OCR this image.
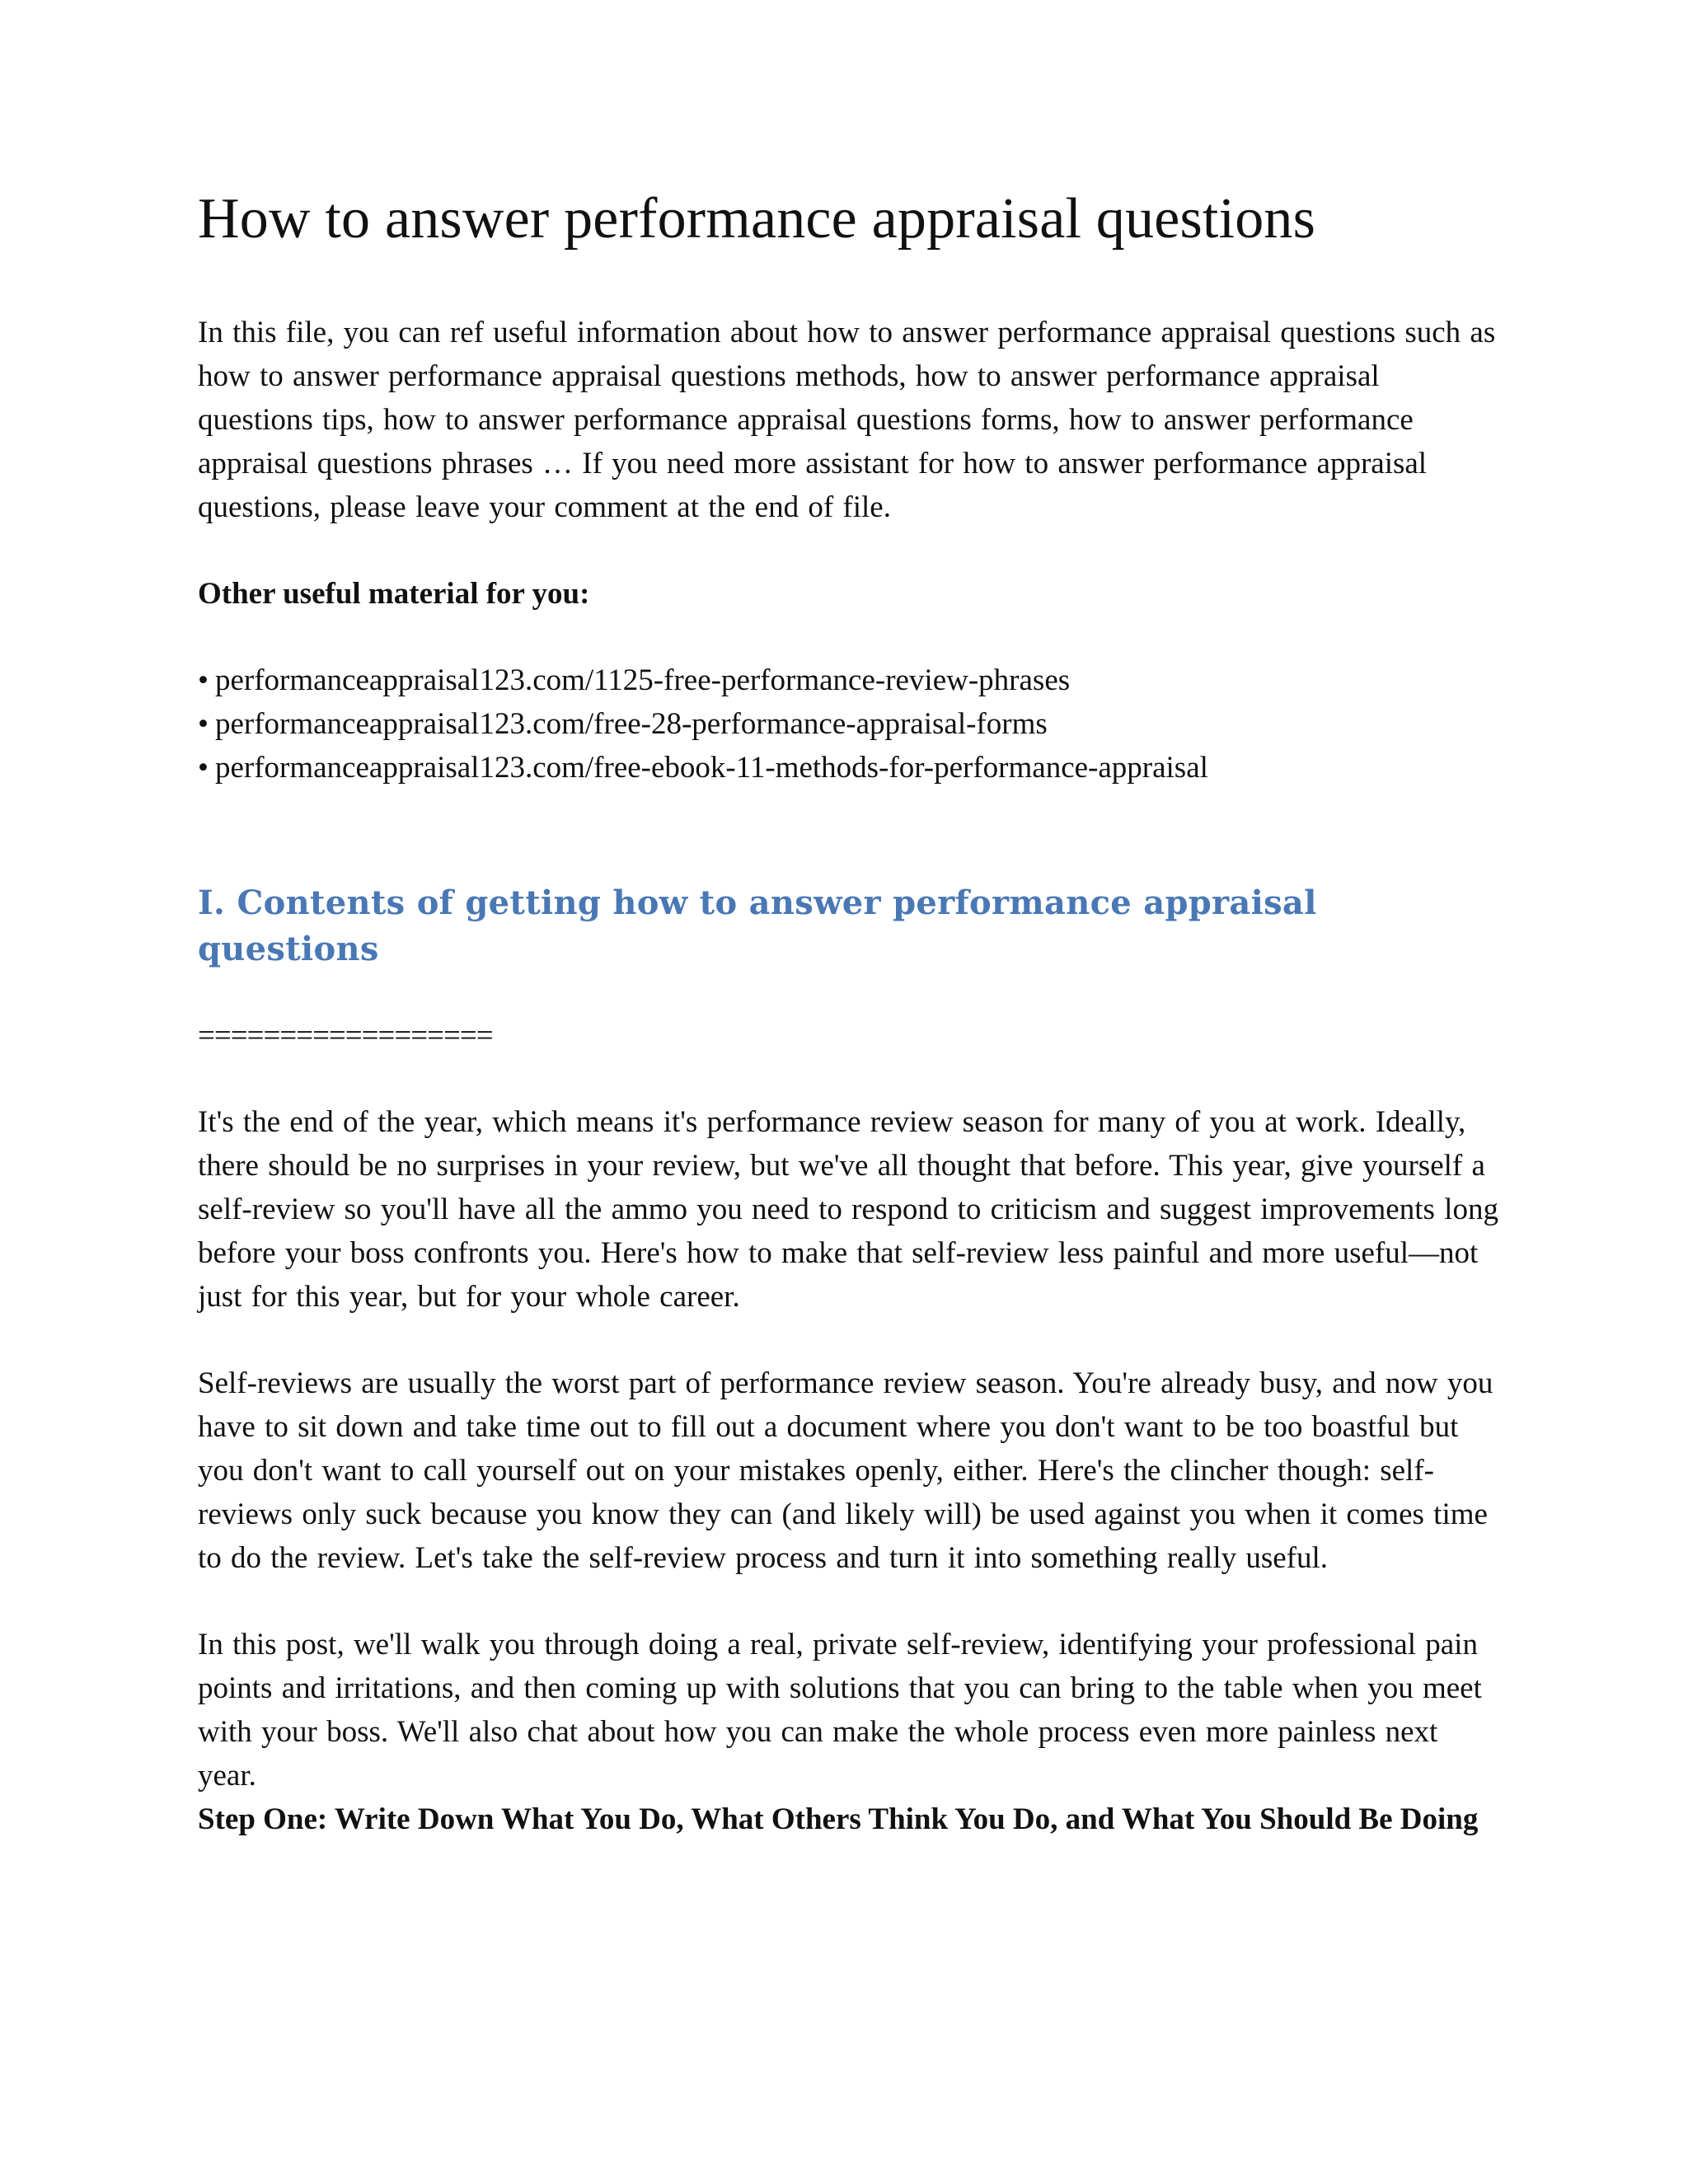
How to answer performance appraisal questions

In this file, you can ref useful information about how to answer performance appraisal questions such as how to answer performance appraisal questions methods, how to answer performance appraisal questions tips, how to answer performance appraisal questions forms, how to answer performance appraisal questions phrases … If you need more assistant for how to answer performance appraisal questions, please leave your comment at the end of file.

Other useful material for you:

• performanceappraisal123.com/1125-free-performance-review-phrases
• performanceappraisal123.com/free-28-performance-appraisal-forms
• performanceappraisal123.com/free-ebook-11-methods-for-performance-appraisal
I. Contents of getting how to answer performance appraisal questions
==================

It's the end of the year, which means it's performance review season for many of you at work. Ideally, there should be no surprises in your review, but we've all thought that before. This year, give yourself a self-review so you'll have all the ammo you need to respond to criticism and suggest improvements long before your boss confronts you. Here's how to make that self-review less painful and more useful—not just for this year, but for your whole career.

Self-reviews are usually the worst part of performance review season. You're already busy, and now you have to sit down and take time out to fill out a document where you don't want to be too boastful but you don't want to call yourself out on your mistakes openly, either. Here's the clincher though: self-reviews only suck because you know they can (and likely will) be used against you when it comes time to do the review. Let's take the self-review process and turn it into something really useful.

In this post, we'll walk you through doing a real, private self-review, identifying your professional pain points and irritations, and then coming up with solutions that you can bring to the table when you meet with your boss. We'll also chat about how you can make the whole process even more painless next year.

Step One: Write Down What You Do, What Others Think You Do, and What You Should Be Doing
